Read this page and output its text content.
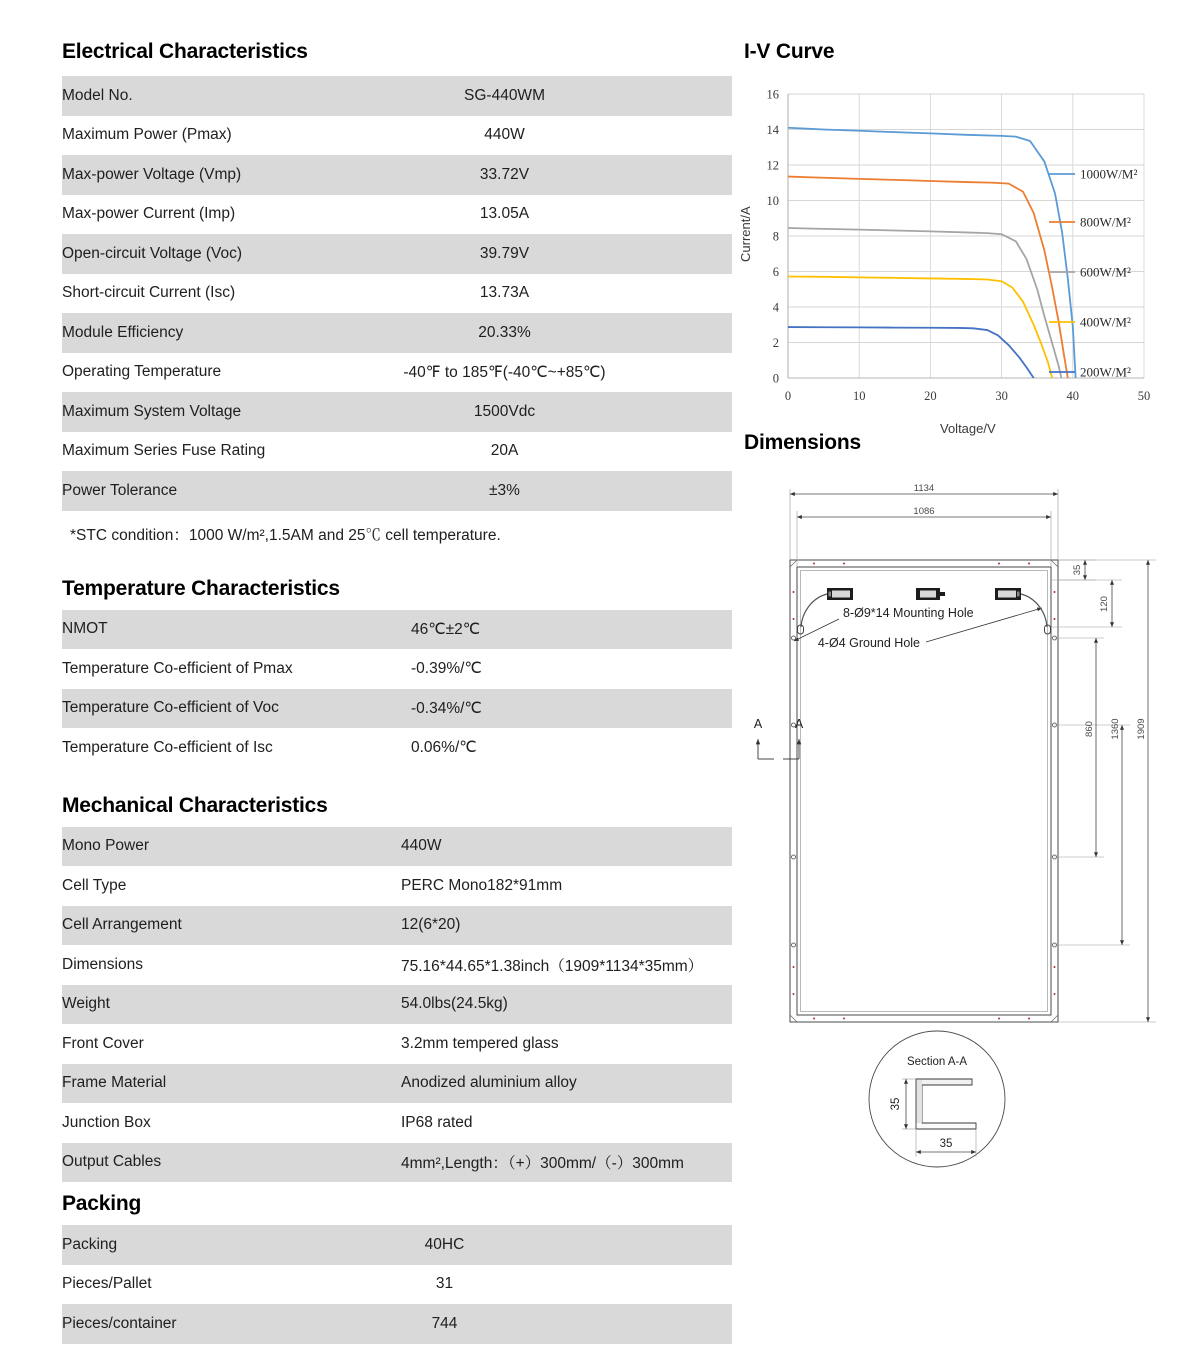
Electrical Characteristics
Model No.	SG-440WM
Maximum Power (Pmax)	440W
Max-power Voltage (Vmp)	33.72V
Max-power Current (Imp)	13.05A
Open-circuit Voltage (Voc)	39.79V
Short-circuit Current (Isc)	13.73A
Module Efficiency	20.33%
Operating Temperature	-40℉ to 185℉(-40℃~+85℃)
Maximum System Voltage	1500Vdc
Maximum Series Fuse Rating	20A
Power Tolerance	±3%
*STC condition：1000 W/m²,1.5AM and 25℃ cell temperature.
Temperature Characteristics
NMOT	46℃±2℃
Temperature Co-efficient of Pmax	-0.39%/℃
Temperature Co-efficient of Voc	-0.34%/℃
Temperature Co-efficient of Isc	0.06%/℃
Mechanical Characteristics
Mono Power	440W
Cell Type	PERC Mono182*91mm
Cell Arrangement	12(6*20)
Dimensions	75.16*44.65*1.38inch（1909*1134*35mm）
Weight	54.0lbs(24.5kg)
Front Cover	3.2mm tempered glass
Frame Material	Anodized aluminium alloy
Junction Box	IP68 rated
Output Cables	4mm²,Length：（+）300mm/（-）300mm
Packing
Packing	40HC
Pieces/Pallet	31
Pieces/container	744
I-V Curve
1000W/M²
800W/M²
600W/M²
400W/M²
200W/M²
0
2
4
6
8
10
12
14
16
0	10	20	30	40	50
Current/A
Voltage/V
Dimensions
1134
1086
35
120
860 1360 1909
4-Ø4 Ground Hole
A	A
8-Ø9*14 Mounting Hole
Section A-A
35
35
